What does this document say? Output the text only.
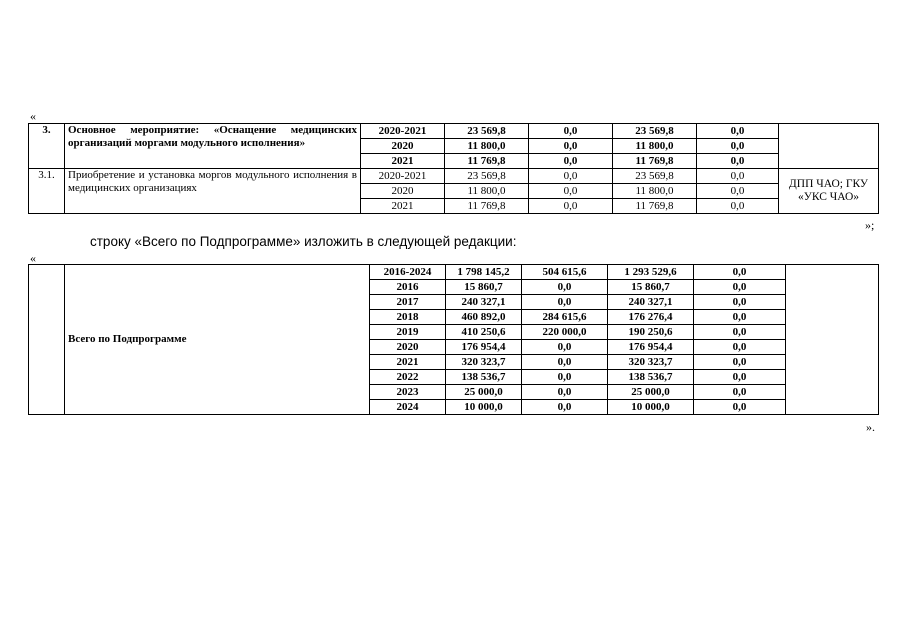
«
3.	Основное мероприятие: «Оснащение медицинских организаций моргами модульного исполнения»	2020-2021	23 569,8	0,0	23 569,8	0,0	
		2020	11 800,0	0,0	11 800,0	0,0	
		2021	11 769,8	0,0	11 769,8	0,0	
3.1.	Приобретение и установка моргов модульного исполнения в медицинских организациях	2020-2021	23 569,8	0,0	23 569,8	0,0	ДПП ЧАО; ГКУ «УКС ЧАО»
		2020	11 800,0	0,0	11 800,0	0,0	
		2021	11 769,8	0,0	11 769,8	0,0	
»;
строку «Всего по Подпрограмме» изложить в следующей редакции:
«
	Всего по Подпрограмме	2016-2024	1 798 145,2	504 615,6	1 293 529,6	0,0	
		2016	15 860,7	0,0	15 860,7	0,0	
		2017	240 327,1	0,0	240 327,1	0,0	
		2018	460 892,0	284 615,6	176 276,4	0,0	
		2019	410 250,6	220 000,0	190 250,6	0,0	
		2020	176 954,4	0,0	176 954,4	0,0	
		2021	320 323,7	0,0	320 323,7	0,0	
		2022	138 536,7	0,0	138 536,7	0,0	
		2023	25 000,0	0,0	25 000,0	0,0	
		2024	10 000,0	0,0	10 000,0	0,0	
».
